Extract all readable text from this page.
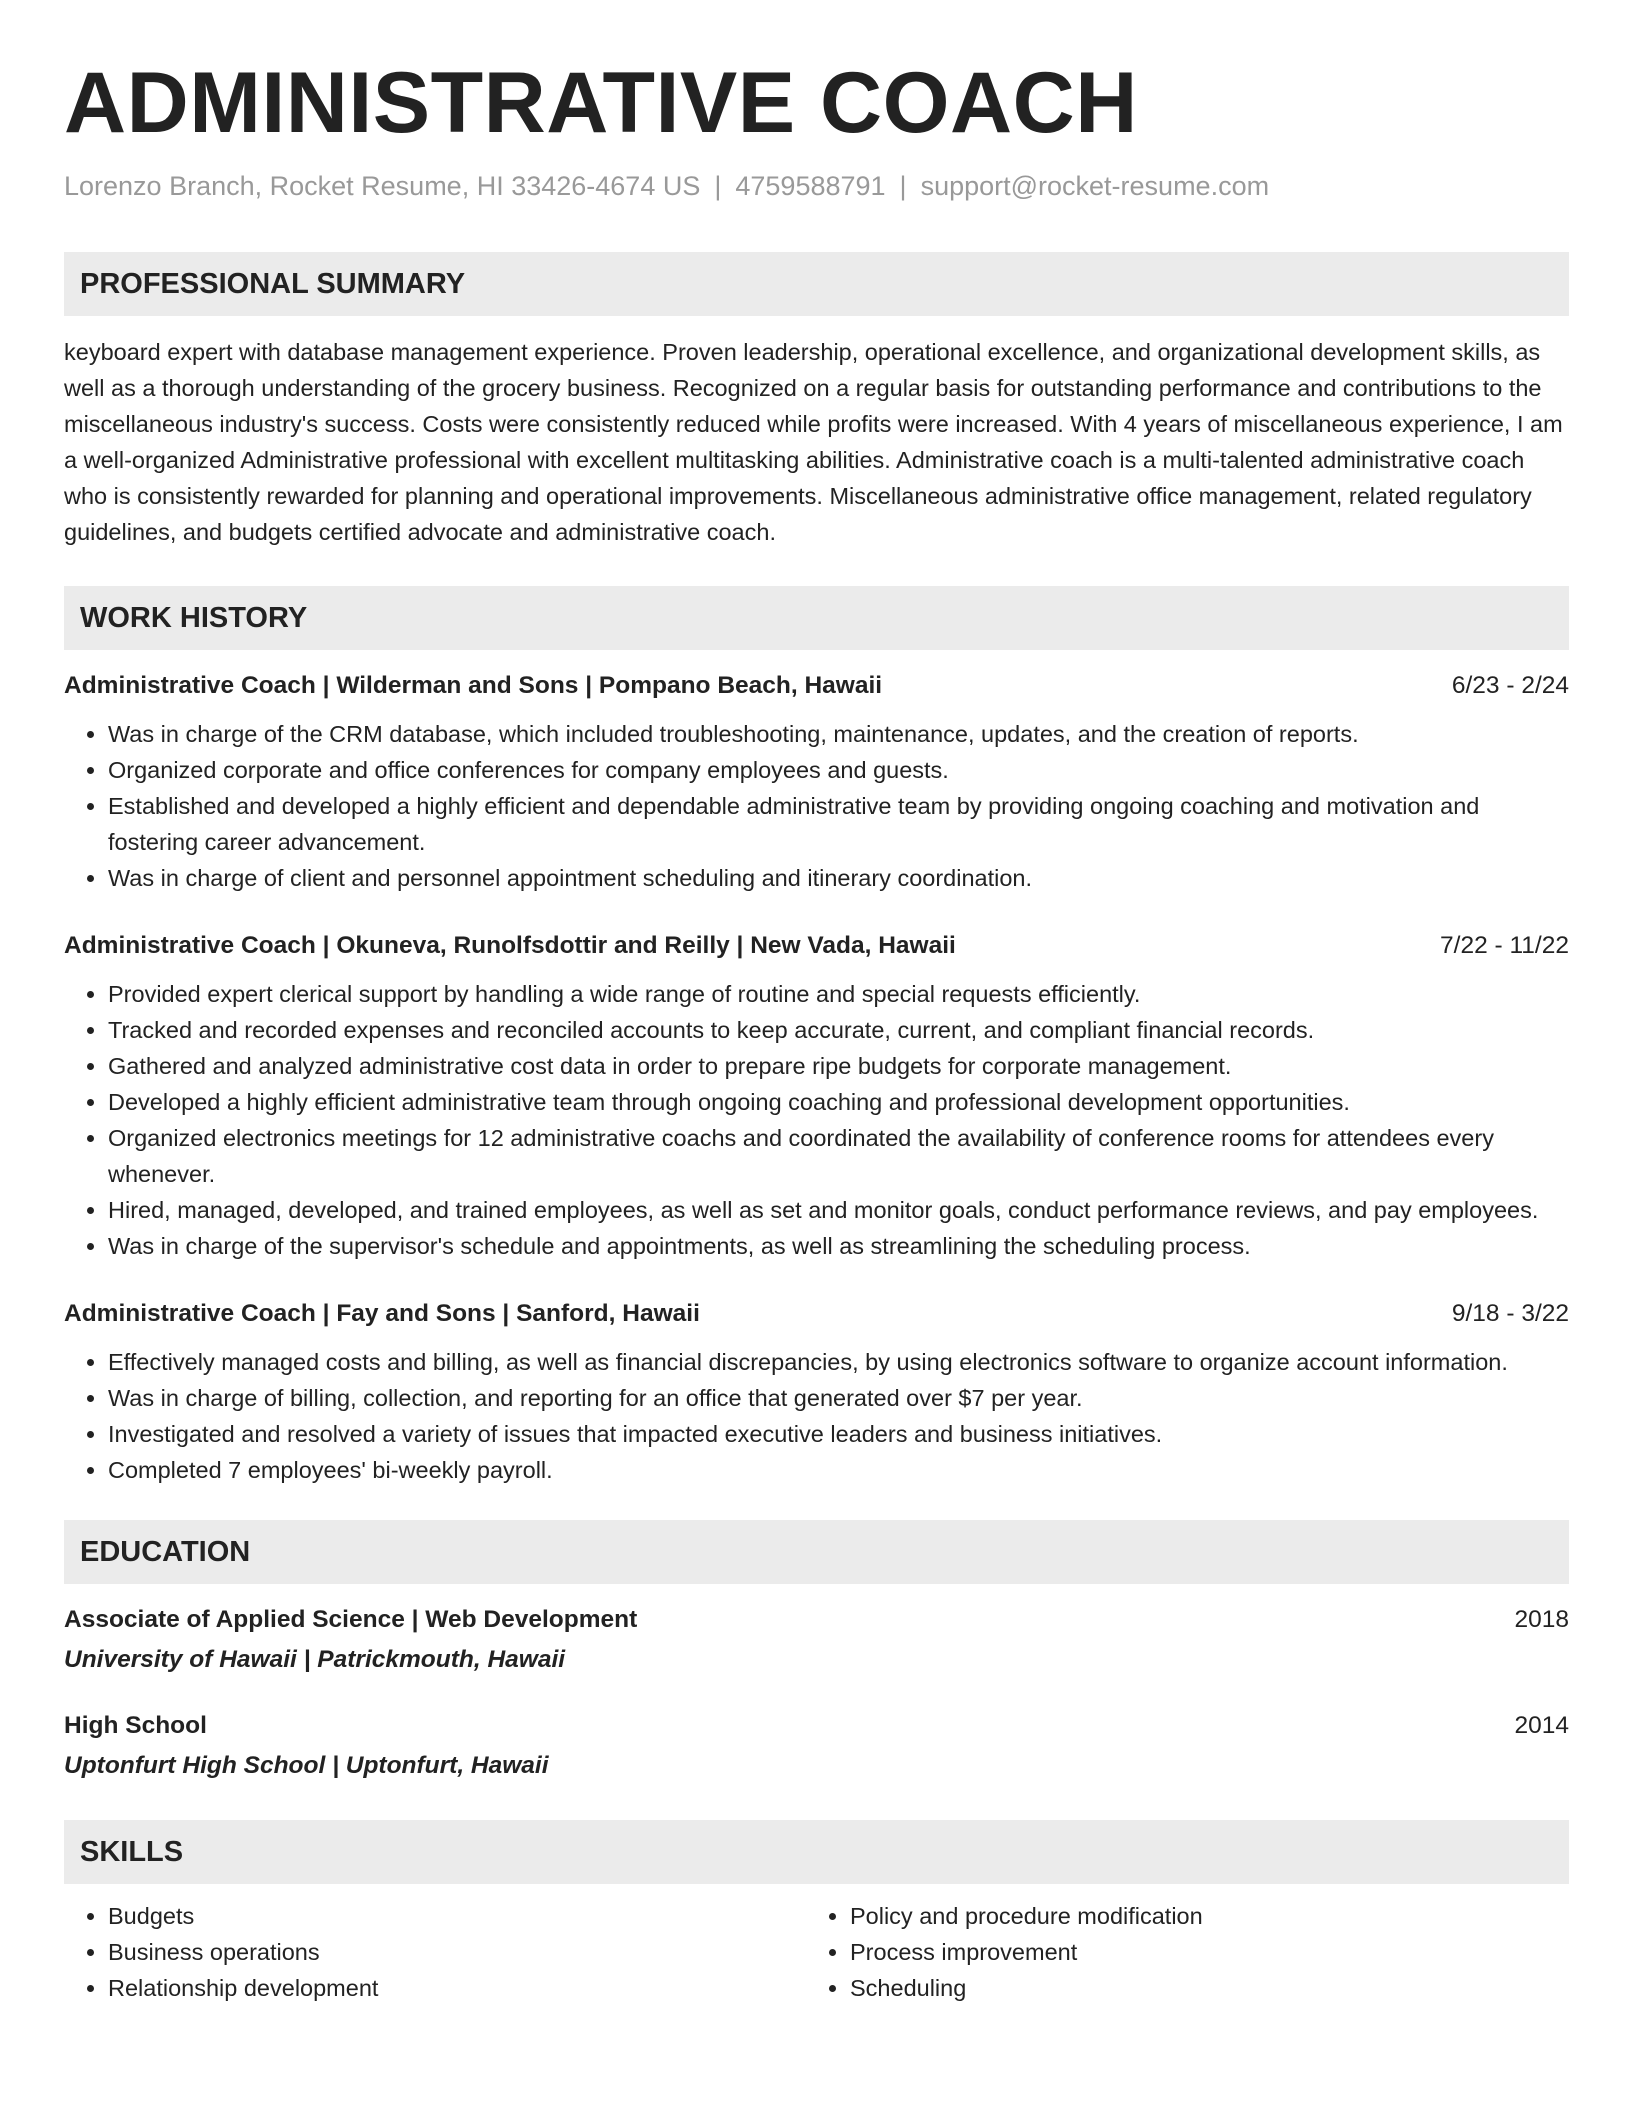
ADMINISTRATIVE COACH
Lorenzo Branch, Rocket Resume, HI 33426-4674 US | 4759588791 | support@rocket-resume.com
PROFESSIONAL SUMMARY

keyboard expert with database management experience. Proven leadership, operational excellence, and organizational development skills, as well as a thorough understanding of the grocery business. Recognized on a regular basis for outstanding performance and contributions to the miscellaneous industry's success. Costs were consistently reduced while profits were increased. With 4 years of miscellaneous experience, I am a well-organized Administrative professional with excellent multitasking abilities. Administrative coach is a multi-talented administrative coach who is consistently rewarded for planning and operational improvements. Miscellaneous administrative office management, related regulatory guidelines, and budgets certified advocate and administrative coach.

WORK HISTORY
Administrative Coach | Wilderman and Sons | Pompano Beach, Hawaii	6/23 - 2/24
• Was in charge of the CRM database, which included troubleshooting, maintenance, updates, and the creation of reports.
• Organized corporate and office conferences for company employees and guests.
• Established and developed a highly efficient and dependable administrative team by providing ongoing coaching and motivation and fostering career advancement.
• Was in charge of client and personnel appointment scheduling and itinerary coordination.
Administrative Coach | Okuneva, Runolfsdottir and Reilly | New Vada, Hawaii	7/22 - 11/22
• Provided expert clerical support by handling a wide range of routine and special requests efficiently.
• Tracked and recorded expenses and reconciled accounts to keep accurate, current, and compliant financial records.
• Gathered and analyzed administrative cost data in order to prepare ripe budgets for corporate management.
• Developed a highly efficient administrative team through ongoing coaching and professional development opportunities.
• Organized electronics meetings for 12 administrative coachs and coordinated the availability of conference rooms for attendees every whenever.
• Hired, managed, developed, and trained employees, as well as set and monitor goals, conduct performance reviews, and pay employees.
• Was in charge of the supervisor's schedule and appointments, as well as streamlining the scheduling process.
Administrative Coach | Fay and Sons | Sanford, Hawaii	9/18 - 3/22
• Effectively managed costs and billing, as well as financial discrepancies, by using electronics software to organize account information.
• Was in charge of billing, collection, and reporting for an office that generated over $7 per year.
• Investigated and resolved a variety of issues that impacted executive leaders and business initiatives.
• Completed 7 employees' bi-weekly payroll.
EDUCATION
Associate of Applied Science | Web Development	2018
University of Hawaii | Patrickmouth, Hawaii
High School	2014
Uptonfurt High School | Uptonfurt, Hawaii
SKILLS
• Budgets
• Business operations
• Relationship development
• Policy and procedure modification
• Process improvement
• Scheduling
